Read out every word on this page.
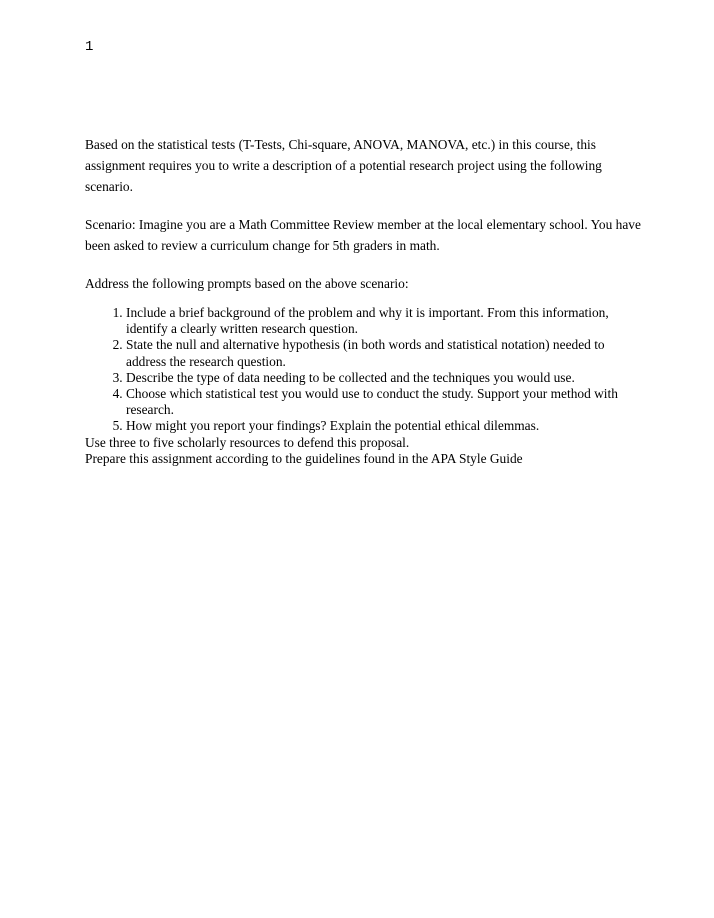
1

Based on the statistical tests (T-Tests, Chi-square, ANOVA, MANOVA, etc.) in this course, this assignment requires you to write a description of a potential research project using the following scenario.

Scenario: Imagine you are a Math Committee Review member at the local elementary school. You have been asked to review a curriculum change for 5th graders in math.

Address the following prompts based on the above scenario:

1. Include a brief background of the problem and why it is important. From this information, identify a clearly written research question.
2. State the null and alternative hypothesis (in both words and statistical notation) needed to address the research question.
3. Describe the type of data needing to be collected and the techniques you would use.
4. Choose which statistical test you would use to conduct the study. Support your method with research.
5. How might you report your findings? Explain the potential ethical dilemmas.

Use three to five scholarly resources to defend this proposal.

Prepare this assignment according to the guidelines found in the APA Style Guide
